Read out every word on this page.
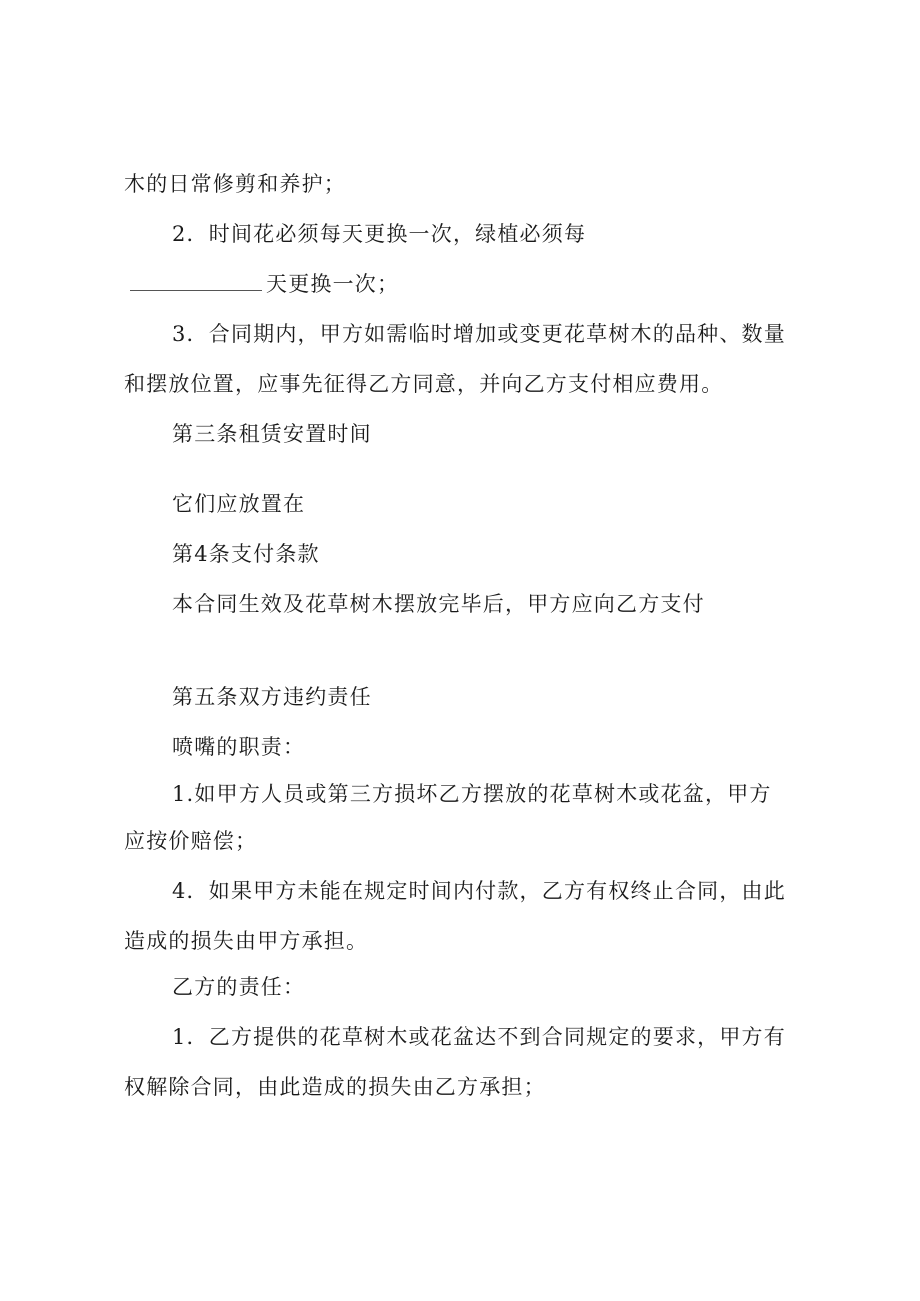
木的日常修剪和养护；
2．时间花必须每天更换一次，绿植必须每
天更换一次；
3．合同期内，甲方如需临时增加或变更花草树木的品种、数量
和摆放位置，应事先征得乙方同意，并向乙方支付相应费用。
第三条租赁安置时间
它们应放置在
第4条支付条款
本合同生效及花草树木摆放完毕后，甲方应向乙方支付
第五条双方违约责任
喷嘴的职责：
1.如甲方人员或第三方损坏乙方摆放的花草树木或花盆，甲方
应按价赔偿；
4．如果甲方未能在规定时间内付款，乙方有权终止合同，由此
造成的损失由甲方承担。
乙方的责任：
1．乙方提供的花草树木或花盆达不到合同规定的要求，甲方有
权解除合同，由此造成的损失由乙方承担；
